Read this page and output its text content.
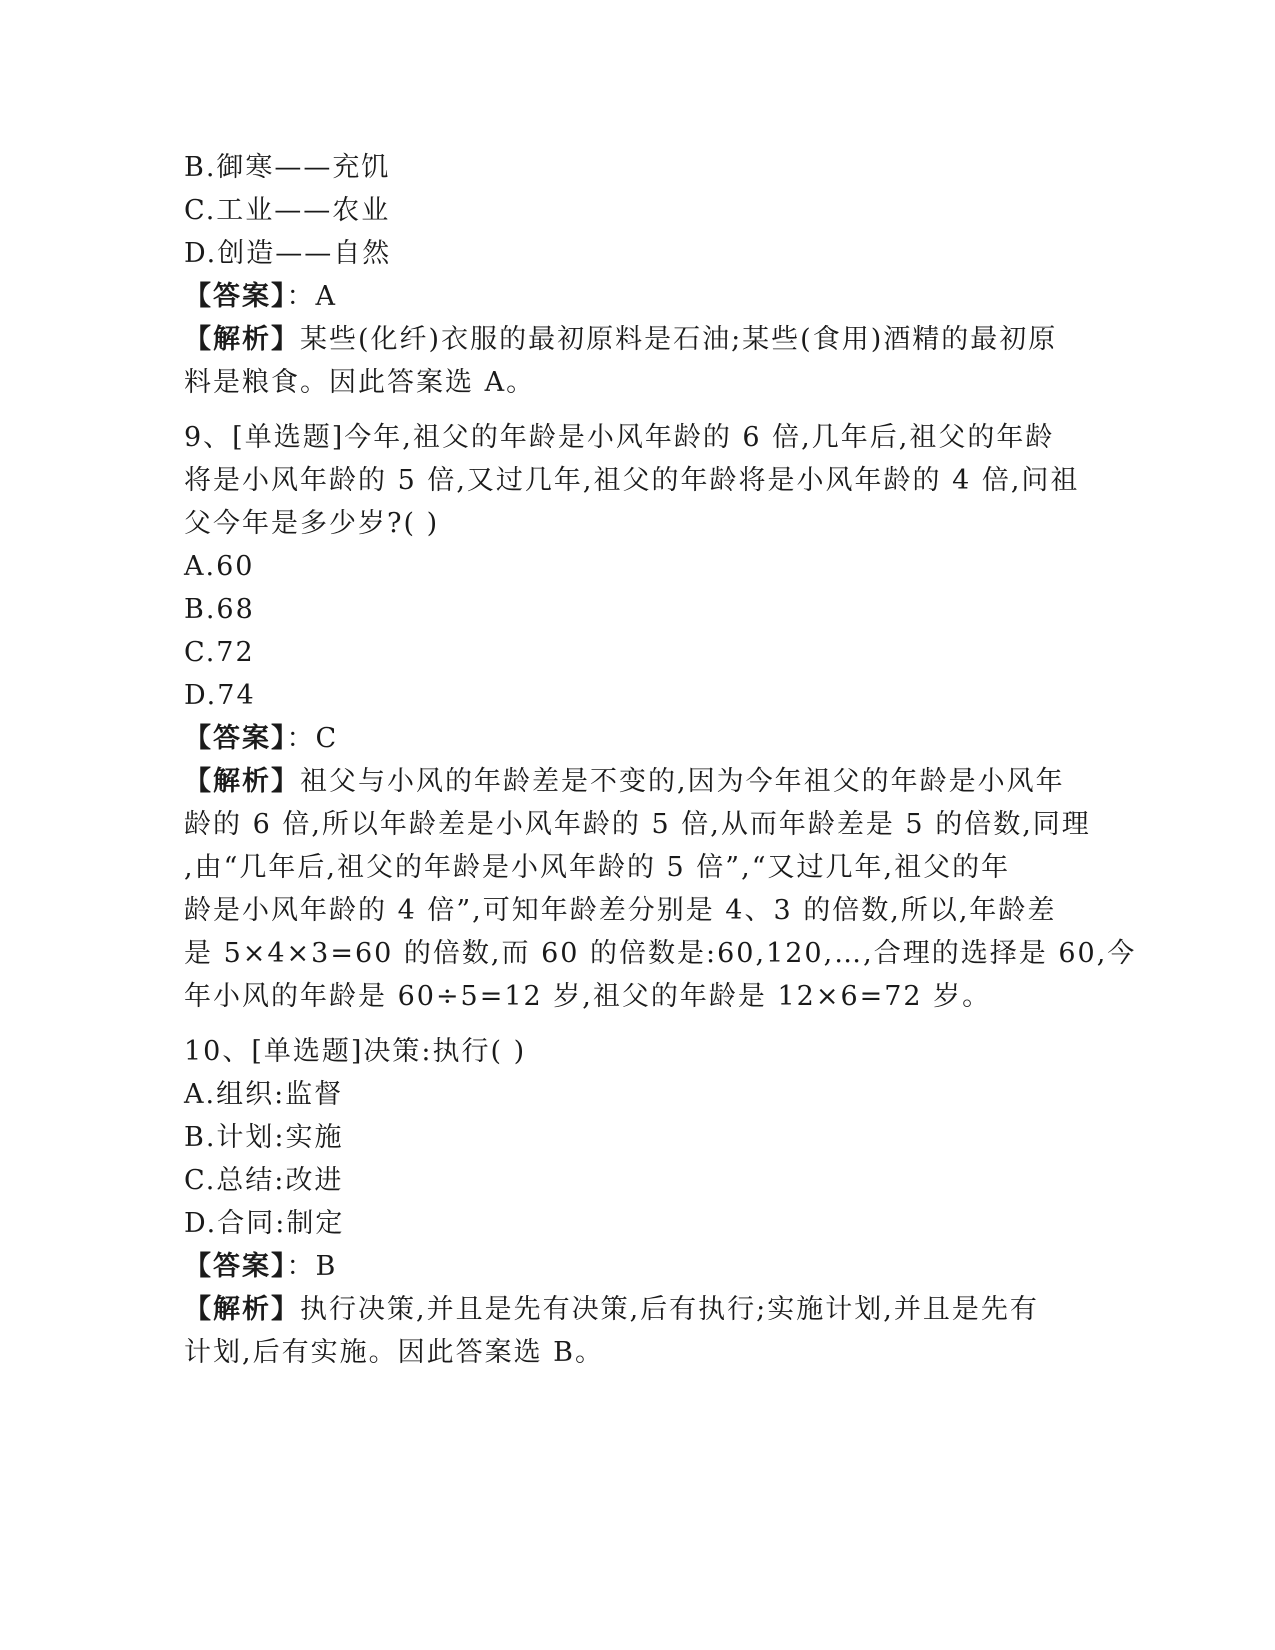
B.御寒——充饥
C.工业——农业
D.创造——自然
【答案】：A
【解析】某些(化纤)衣服的最初原料是石油;某些(食用)酒精的最初原
料是粮食。因此答案选 A。
9、[单选题]今年,祖父的年龄是小风年龄的 6 倍,几年后,祖父的年龄
将是小风年龄的 5 倍,又过几年,祖父的年龄将是小风年龄的 4 倍,问祖
父今年是多少岁?( )
A.60
B.68
C.72
D.74
【答案】：C
【解析】祖父与小风的年龄差是不变的,因为今年祖父的年龄是小风年
龄的 6 倍,所以年龄差是小风年龄的 5 倍,从而年龄差是 5 的倍数,同理
,由“几年后,祖父的年龄是小风年龄的 5 倍”,“又过几年,祖父的年
龄是小风年龄的 4 倍”,可知年龄差分别是 4、3 的倍数,所以,年龄差
是 5×4×3=60 的倍数,而 60 的倍数是:60,120,…,合理的选择是 60,今
年小风的年龄是 60÷5=12 岁,祖父的年龄是 12×6=72 岁。
10、[单选题]决策:执行( )
A.组织:监督
B.计划:实施
C.总结:改进
D.合同:制定
【答案】：B
【解析】执行决策,并且是先有决策,后有执行;实施计划,并且是先有
计划,后有实施。因此答案选 B。
